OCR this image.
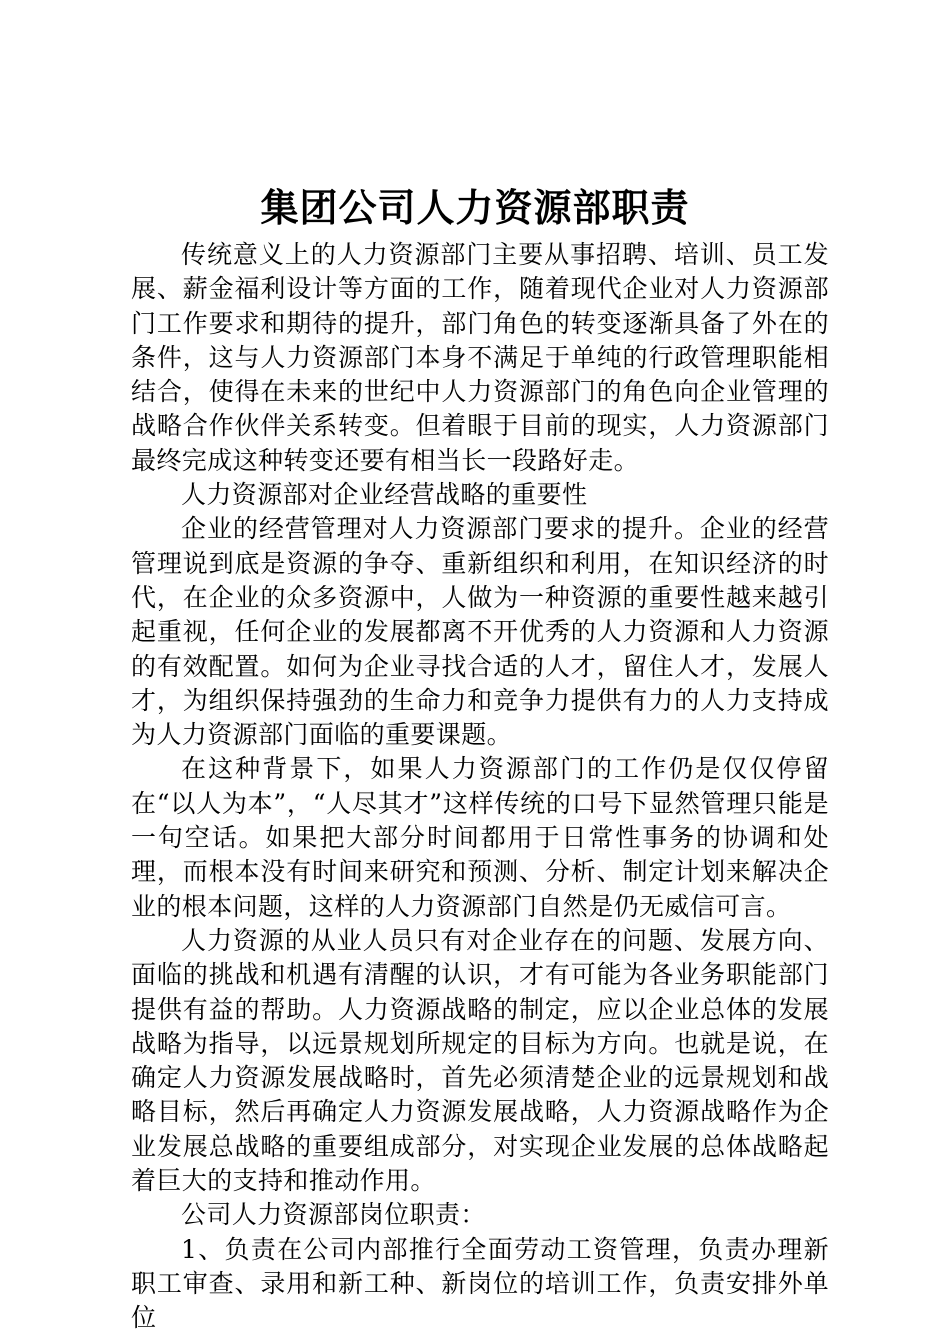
集团公司人力资源部职责

传统意义上的人力资源部门主要从事招聘、培训、员工发展、薪金福利设计等方面的工作，随着现代企业对人力资源部门工作要求和期待的提升，部门角色的转变逐渐具备了外在的条件，这与人力资源部门本身不满足于单纯的行政管理职能相结合，使得在未来的世纪中人力资源部门的角色向企业管理的战略合作伙伴关系转变。但着眼于目前的现实，人力资源部门最终完成这种转变还要有相当长一段路好走。

人力资源部对企业经营战略的重要性

企业的经营管理对人力资源部门要求的提升。企业的经营管理说到底是资源的争夺、重新组织和利用，在知识经济的时代，在企业的众多资源中，人做为一种资源的重要性越来越引起重视，任何企业的发展都离不开优秀的人力资源和人力资源的有效配置。如何为企业寻找合适的人才，留住人才，发展人才，为组织保持强劲的生命力和竞争力提供有力的人力支持成为人力资源部门面临的重要课题。

在这种背景下，如果人力资源部门的工作仍是仅仅停留在“以人为本”，“人尽其才”这样传统的口号下显然管理只能是一句空话。如果把大部分时间都用于日常性事务的协调和处理，而根本没有时间来研究和预测、分析、制定计划来解决企业的根本问题，这样的人力资源部门自然是仍无威信可言。

人力资源的从业人员只有对企业存在的问题、发展方向、面临的挑战和机遇有清醒的认识，才有可能为各业务职能部门提供有益的帮助。人力资源战略的制定，应以企业总体的发展战略为指导，以远景规划所规定的目标为方向。也就是说，在确定人力资源发展战略时，首先必须清楚企业的远景规划和战略目标，然后再确定人力资源发展战略，人力资源战略作为企业发展总战略的重要组成部分，对实现企业发展的总体战略起着巨大的支持和推动作用。

公司人力资源部岗位职责：

1、负责在公司内部推行全面劳动工资管理，负责办理新职工审查、录用和新工种、新岗位的培训工作，负责安排外单位
